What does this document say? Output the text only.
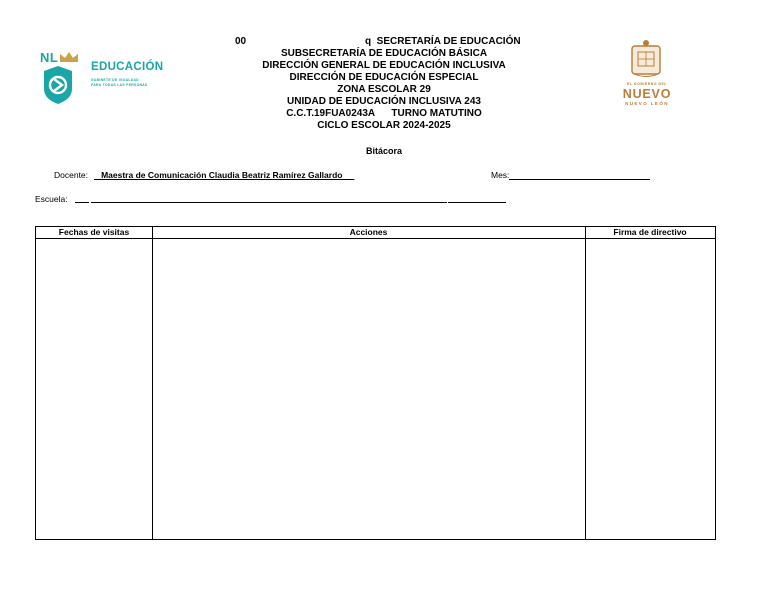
NL
EDUCACIÓN
GABINETE DE IGUALDAD
PARA TODAS LAS PERSONAS	EL GOBIERNO DEL
NUEVO
NUEVO LEÓN
00	q SECRETARÍA DE EDUCACIÓN
SUBSECRETARÍA DE EDUCACIÓN BÁSICA
DIRECCIÓN GENERAL DE EDUCACIÓN INCLUSIVA
DIRECCIÓN DE EDUCACIÓN ESPECIAL
ZONA ESCOLAR 29
UNIDAD DE EDUCACIÓN INCLUSIVA 243
C.C.T.19FUA0243A      TURNO MATUTINO
CICLO ESCOLAR 2024-2025
Bitácora
Docente: _Maestra de Comunicación Claudia Beatriz Ramírez Gallardo __	Mes:
Escuela:
Fechas de visitas	Acciones	Firma de directivo
